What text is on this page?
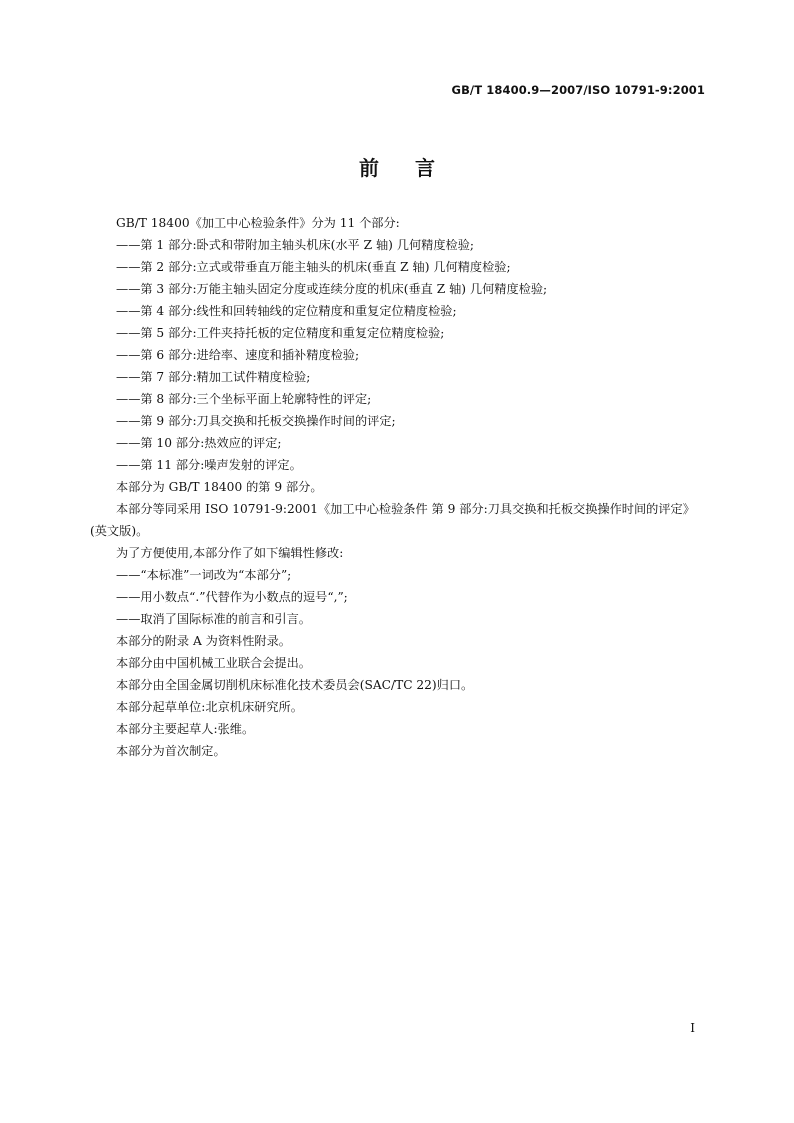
GB/T 18400.9—2007/ISO 10791-9:2001
前 言

GB/T 18400《加工中心检验条件》分为 11 个部分:

——第 1 部分:卧式和带附加主轴头机床(水平 Z 轴) 几何精度检验;

——第 2 部分:立式或带垂直万能主轴头的机床(垂直 Z 轴) 几何精度检验;

——第 3 部分:万能主轴头固定分度或连续分度的机床(垂直 Z 轴) 几何精度检验;

——第 4 部分:线性和回转轴线的定位精度和重复定位精度检验;

——第 5 部分:工件夹持托板的定位精度和重复定位精度检验;

——第 6 部分:进给率、速度和插补精度检验;

——第 7 部分:精加工试件精度检验;

——第 8 部分:三个坐标平面上轮廓特性的评定;

——第 9 部分:刀具交换和托板交换操作时间的评定;

——第 10 部分:热效应的评定;

——第 11 部分:噪声发射的评定。

本部分为 GB/T 18400 的第 9 部分。

本部分等同采用 ISO 10791-9:2001《加工中心检验条件 第 9 部分:刀具交换和托板交换操作时间的评定》(英文版)。

为了方便使用,本部分作了如下编辑性修改:

——“本标准”一词改为“本部分”;

——用小数点“.”代替作为小数点的逗号“,”;

——取消了国际标准的前言和引言。

本部分的附录 A 为资料性附录。

本部分由中国机械工业联合会提出。

本部分由全国金属切削机床标准化技术委员会(SAC/TC 22)归口。

本部分起草单位:北京机床研究所。

本部分主要起草人:张维。

本部分为首次制定。

I
